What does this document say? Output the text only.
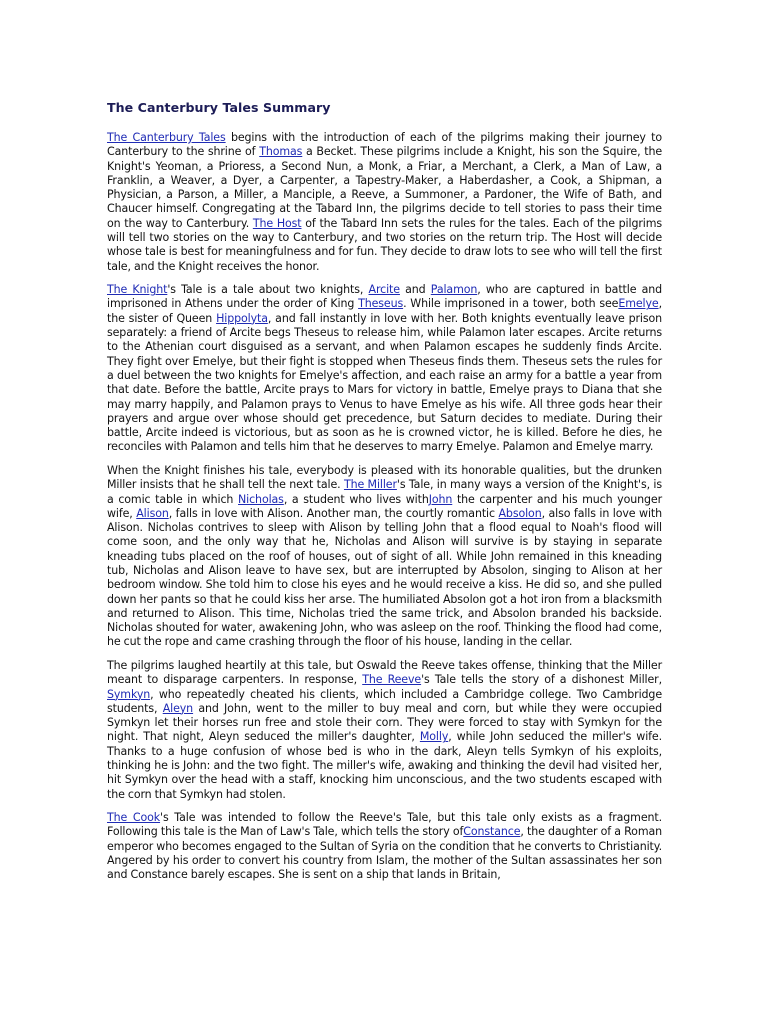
The Canterbury Tales Summary

The Canterbury Tales begins with the introduction of each of the pilgrims making their journey to Canterbury to the shrine of Thomas a Becket. These pilgrims include a Knight, his son the Squire, the Knight's Yeoman, a Prioress, a Second Nun, a Monk, a Friar, a Merchant, a Clerk, a Man of Law, a Franklin, a Weaver, a Dyer, a Carpenter, a Tapestry-Maker, a Haberdasher, a Cook, a Shipman, a Physician, a Parson, a Miller, a Manciple, a Reeve, a Summoner, a Pardoner, the Wife of Bath, and Chaucer himself. Congregating at the Tabard Inn, the pilgrims decide to tell stories to pass their time on the way to Canterbury. The Host of the Tabard Inn sets the rules for the tales. Each of the pilgrims will tell two stories on the way to Canterbury, and two stories on the return trip. The Host will decide whose tale is best for meaningfulness and for fun. They decide to draw lots to see who will tell the first tale, and the Knight receives the honor.

The Knight's Tale is a tale about two knights, Arcite and Palamon, who are captured in battle and imprisoned in Athens under the order of King Theseus. While imprisoned in a tower, both seeEmelye, the sister of Queen Hippolyta, and fall instantly in love with her. Both knights eventually leave prison separately: a friend of Arcite begs Theseus to release him, while Palamon later escapes. Arcite returns to the Athenian court disguised as a servant, and when Palamon escapes he suddenly finds Arcite. They fight over Emelye, but their fight is stopped when Theseus finds them. Theseus sets the rules for a duel between the two knights for Emelye's affection, and each raise an army for a battle a year from that date. Before the battle, Arcite prays to Mars for victory in battle, Emelye prays to Diana that she may marry happily, and Palamon prays to Venus to have Emelye as his wife. All three gods hear their prayers and argue over whose should get precedence, but Saturn decides to mediate. During their battle, Arcite indeed is victorious, but as soon as he is crowned victor, he is killed. Before he dies, he reconciles with Palamon and tells him that he deserves to marry Emelye. Palamon and Emelye marry.

When the Knight finishes his tale, everybody is pleased with its honorable qualities, but the drunken Miller insists that he shall tell the next tale. The Miller's Tale, in many ways a version of the Knight's, is a comic table in which Nicholas, a student who lives withJohn the carpenter and his much younger wife, Alison, falls in love with Alison. Another man, the courtly romantic Absolon, also falls in love with Alison. Nicholas contrives to sleep with Alison by telling John that a flood equal to Noah's flood will come soon, and the only way that he, Nicholas and Alison will survive is by staying in separate kneading tubs placed on the roof of houses, out of sight of all. While John remained in this kneading tub, Nicholas and Alison leave to have sex, but are interrupted by Absolon, singing to Alison at her bedroom window. She told him to close his eyes and he would receive a kiss. He did so, and she pulled down her pants so that he could kiss her arse. The humiliated Absolon got a hot iron from a blacksmith and returned to Alison. This time, Nicholas tried the same trick, and Absolon branded his backside. Nicholas shouted for water, awakening John, who was asleep on the roof. Thinking the flood had come, he cut the rope and came crashing through the floor of his house, landing in the cellar.

The pilgrims laughed heartily at this tale, but Oswald the Reeve takes offense, thinking that the Miller meant to disparage carpenters. In response, The Reeve's Tale tells the story of a dishonest Miller, Symkyn, who repeatedly cheated his clients, which included a Cambridge college. Two Cambridge students, Aleyn and John, went to the miller to buy meal and corn, but while they were occupied Symkyn let their horses run free and stole their corn. They were forced to stay with Symkyn for the night. That night, Aleyn seduced the miller's daughter, Molly, while John seduced the miller's wife. Thanks to a huge confusion of whose bed is who in the dark, Aleyn tells Symkyn of his exploits, thinking he is John: and the two fight. The miller's wife, awaking and thinking the devil had visited her, hit Symkyn over the head with a staff, knocking him unconscious, and the two students escaped with the corn that Symkyn had stolen.

The Cook's Tale was intended to follow the Reeve's Tale, but this tale only exists as a fragment. Following this tale is the Man of Law's Tale, which tells the story ofConstance, the daughter of a Roman emperor who becomes engaged to the Sultan of Syria on the condition that he converts to Christianity. Angered by his order to convert his country from Islam, the mother of the Sultan assassinates her son and Constance barely escapes. She is sent on a ship that lands in Britain,
